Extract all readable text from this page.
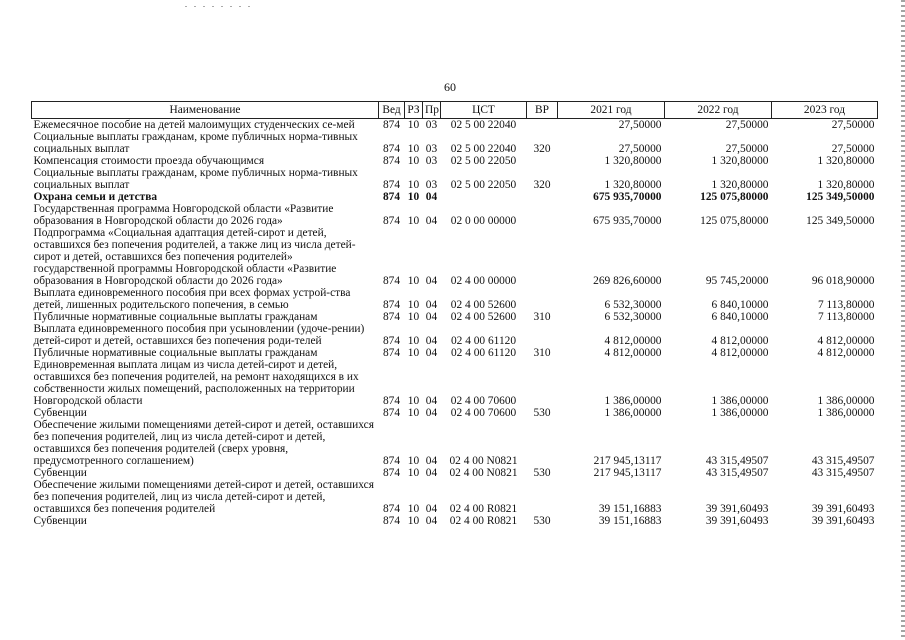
60
Наименование	Вед	РЗ	Пр	ЦСТ	ВР	2021 год	2022 год	2023 год
Ежемесячное пособие на детей малоимущих студенческих се-мей	874	10	03	02 5 00 22040		27,50000	27,50000	27,50000
Социальные выплаты гражданам, кроме публичных норма-тивных социальных выплат	874	10	03	02 5 00 22040	320	27,50000	27,50000	27,50000
Компенсация стоимости проезда обучающимся	874	10	03	02 5 00 22050		1 320,80000	1 320,80000	1 320,80000
Социальные выплаты гражданам, кроме публичных норма-тивных социальных выплат	874	10	03	02 5 00 22050	320	1 320,80000	1 320,80000	1 320,80000
Охрана семьи и детства	874	10	04			675 935,70000	125 075,80000	125 349,50000
Государственная программа Новгородской области «Развитие образования в Новгородской области до 2026 года»	874	10	04	02 0 00 00000		675 935,70000	125 075,80000	125 349,50000
Подпрограмма «Социальная адаптация детей-сирот и детей, оставшихся без попечения родителей, а также лиц из числа детей-сирот и детей, оставшихся без попечения родителей» государственной программы Новгородской области «Развитие образования в Новгородской области до 2026 года»	874	10	04	02 4 00 00000		269 826,60000	95 745,20000	96 018,90000
Выплата единовременного пособия при всех формах устрой-ства детей, лишенных родительского попечения, в семью	874	10	04	02 4 00 52600		6 532,30000	6 840,10000	7 113,80000
Публичные нормативные социальные выплаты гражданам	874	10	04	02 4 00 52600	310	6 532,30000	6 840,10000	7 113,80000
Выплата единовременного пособия при усыновлении (удоче-рении) детей-сирот и детей, оставшихся без попечения роди-телей	874	10	04	02 4 00 61120		4 812,00000	4 812,00000	4 812,00000
Публичные нормативные социальные выплаты гражданам	874	10	04	02 4 00 61120	310	4 812,00000	4 812,00000	4 812,00000
Единовременная выплата лицам из числа детей-сирот и детей, оставшихся без попечения родителей, на ремонт находящихся в их собственности жилых помещений, расположенных на территории Новгородской области	874	10	04	02 4 00 70600		1 386,00000	1 386,00000	1 386,00000
Субвенции	874	10	04	02 4 00 70600	530	1 386,00000	1 386,00000	1 386,00000
Обеспечение жилыми помещениями детей-сирот и детей, оставшихся без попечения родителей, лиц из числа детей-сирот и детей, оставшихся без попечения родителей (сверх уровня, предусмотренного соглашением)	874	10	04	02 4 00 N0821		217 945,13117	43 315,49507	43 315,49507
Субвенции	874	10	04	02 4 00 N0821	530	217 945,13117	43 315,49507	43 315,49507
Обеспечение жилыми помещениями детей-сирот и детей, оставшихся без попечения родителей, лиц из числа детей-сирот и детей, оставшихся без попечения родителей	874	10	04	02 4 00 R0821		39 151,16883	39 391,60493	39 391,60493
Субвенции	874	10	04	02 4 00 R0821	530	39 151,16883	39 391,60493	39 391,60493
